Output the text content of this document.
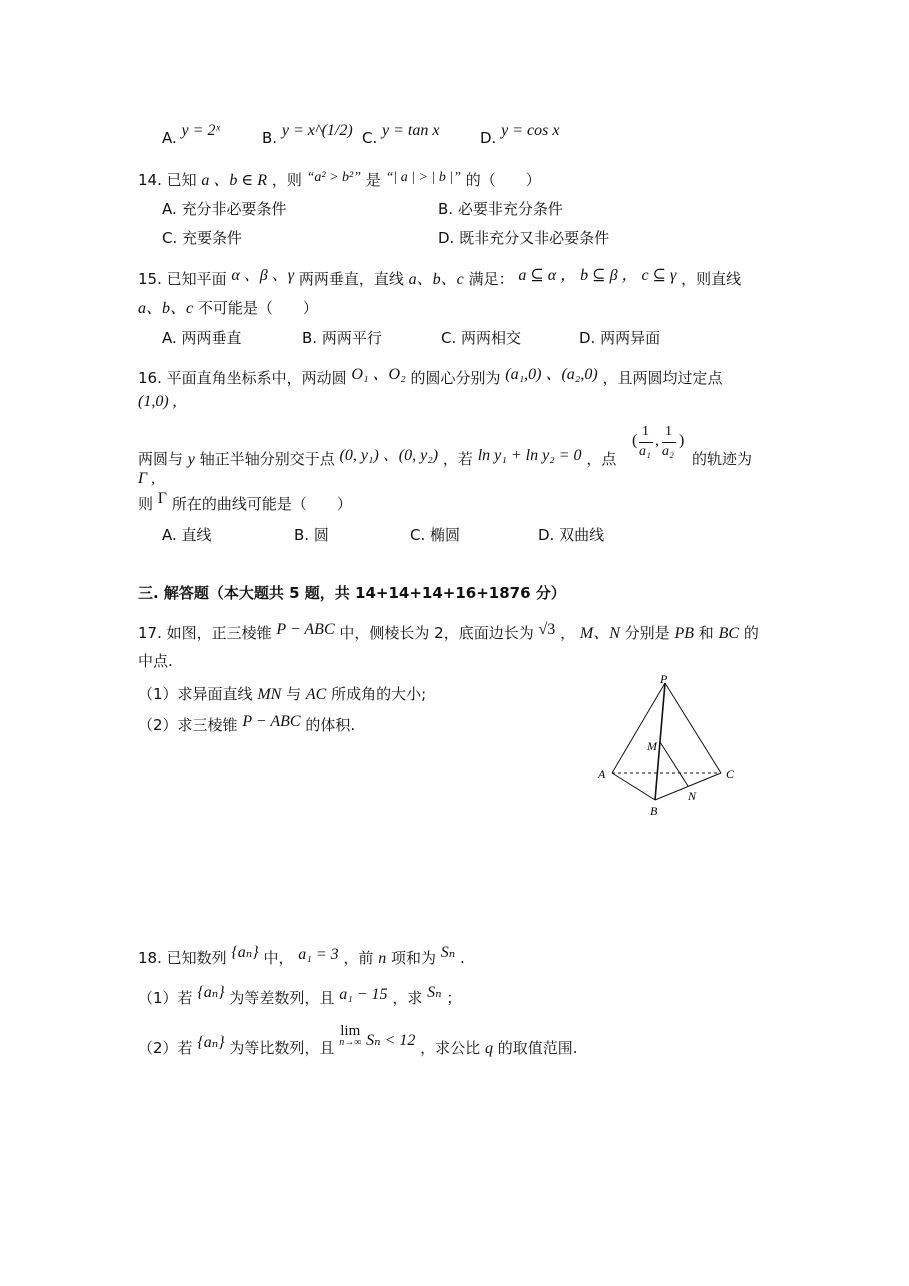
A. y = 2ˣ	B. y = x^(1/2) C. y = tan x	D. y = cos x
14. 已知 a 、b ∈ R ，则 “a² > b²” 是 “| a | > | b |” 的（　　）
A. 充分非必要条件	B. 必要非充分条件
C. 充要条件	D. 既非充分又非必要条件
15. 已知平面 α 、β 、γ 两两垂直，直线 a、b、c 满足： a ⊆ α ， b ⊆ β ， c ⊆ γ ，则直线
a、b、c 不可能是（　　）
A. 两两垂直	B. 两两平行	C. 两两相交	D. 两两异面
16. 平面直角坐标系中，两动圆 O₁ 、O₂ 的圆心分别为 (a₁,0) 、(a₂,0) ，且两圆均过定点
(1,0) ,
两圆与 y 轴正半轴分别交于点 (0, y₁) 、(0, y₂) ，若 ln y₁ + ln y₂ = 0 ，点
(
1
a₁
,
1
a₂
)
的轨迹为
Γ ,
则 Γ 所在的曲线可能是（　　）
A. 直线	B. 圆	C. 椭圆	D. 双曲线
三. 解答题（本大题共 5 题，共 14+14+14+16+1876 分）
17. 如图，正三棱锥 P − ABC 中，侧棱长为 2，底面边长为 √3 ， M、N 分别是 PB 和 BC 的
中点.
（1）求异面直线 MN 与 AC 所成角的大小;
（2）求三棱锥 P − ABC 的体积.
P
A
B
C
M
N
18. 已知数列 {aₙ} 中， a₁ = 3 ，前 n 项和为 Sₙ .
（1）若 {aₙ} 为等差数列，且 a₁ − 15 ，求 Sₙ ；
（2）若 {aₙ} 为等比数列，且
lim
n→∞ Sₙ < 12 ，求公比 q 的取值范围.
